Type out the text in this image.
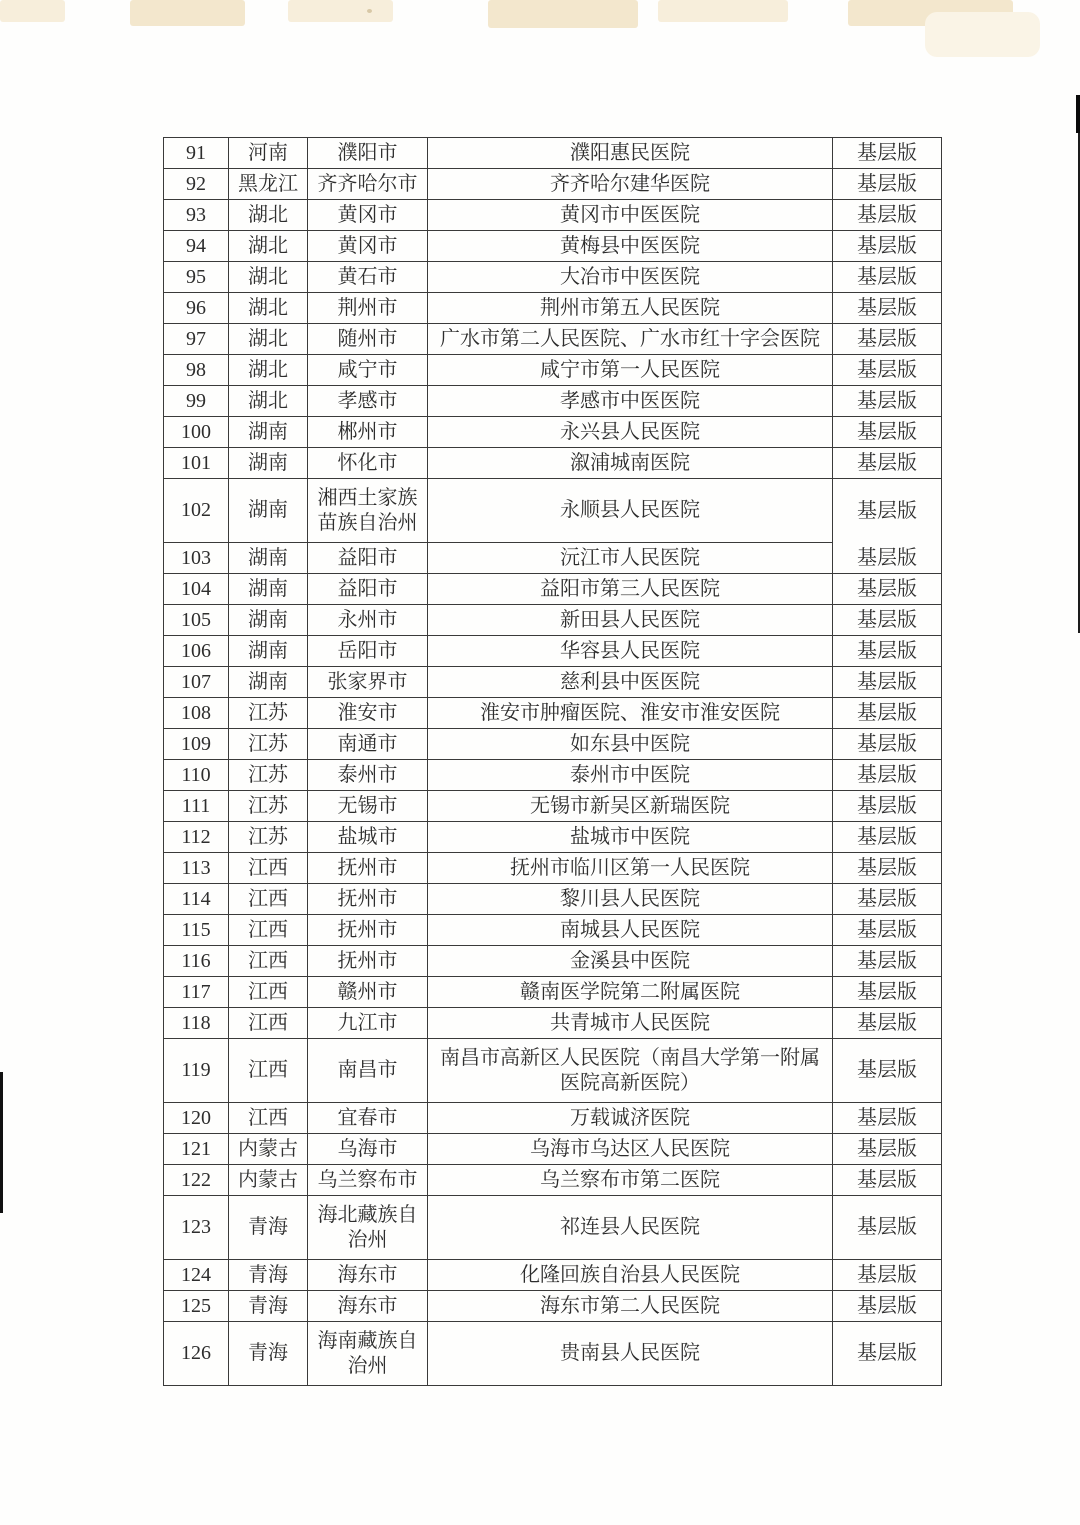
91	河南	濮阳市	濮阳惠民医院	基层版
92	黑龙江	齐齐哈尔市	齐齐哈尔建华医院	基层版
93	湖北	黄冈市	黄冈市中医医院	基层版
94	湖北	黄冈市	黄梅县中医医院	基层版
95	湖北	黄石市	大冶市中医医院	基层版
96	湖北	荆州市	荆州市第五人民医院	基层版
97	湖北	随州市	广水市第二人民医院、广水市红十字会医院	基层版
98	湖北	咸宁市	咸宁市第一人民医院	基层版
99	湖北	孝感市	孝感市中医医院	基层版
100	湖南	郴州市	永兴县人民医院	基层版
101	湖南	怀化市	溆浦城南医院	基层版
102	湖南	湘西土家族苗族自治州	永顺县人民医院	基层版
103	湖南	益阳市	沅江市人民医院	基层版
104	湖南	益阳市	益阳市第三人民医院	基层版
105	湖南	永州市	新田县人民医院	基层版
106	湖南	岳阳市	华容县人民医院	基层版
107	湖南	张家界市	慈利县中医医院	基层版
108	江苏	淮安市	淮安市肿瘤医院、淮安市淮安医院	基层版
109	江苏	南通市	如东县中医院	基层版
110	江苏	泰州市	泰州市中医院	基层版
111	江苏	无锡市	无锡市新吴区新瑞医院	基层版
112	江苏	盐城市	盐城市中医院	基层版
113	江西	抚州市	抚州市临川区第一人民医院	基层版
114	江西	抚州市	黎川县人民医院	基层版
115	江西	抚州市	南城县人民医院	基层版
116	江西	抚州市	金溪县中医院	基层版
117	江西	赣州市	赣南医学院第二附属医院	基层版
118	江西	九江市	共青城市人民医院	基层版
119	江西	南昌市	南昌市高新区人民医院（南昌大学第一附属医院高新医院）	基层版
120	江西	宜春市	万载诚济医院	基层版
121	内蒙古	乌海市	乌海市乌达区人民医院	基层版
122	内蒙古	乌兰察布市	乌兰察布市第二医院	基层版
123	青海	海北藏族自治州	祁连县人民医院	基层版
124	青海	海东市	化隆回族自治县人民医院	基层版
125	青海	海东市	海东市第二人民医院	基层版
126	青海	海南藏族自治州	贵南县人民医院	基层版
